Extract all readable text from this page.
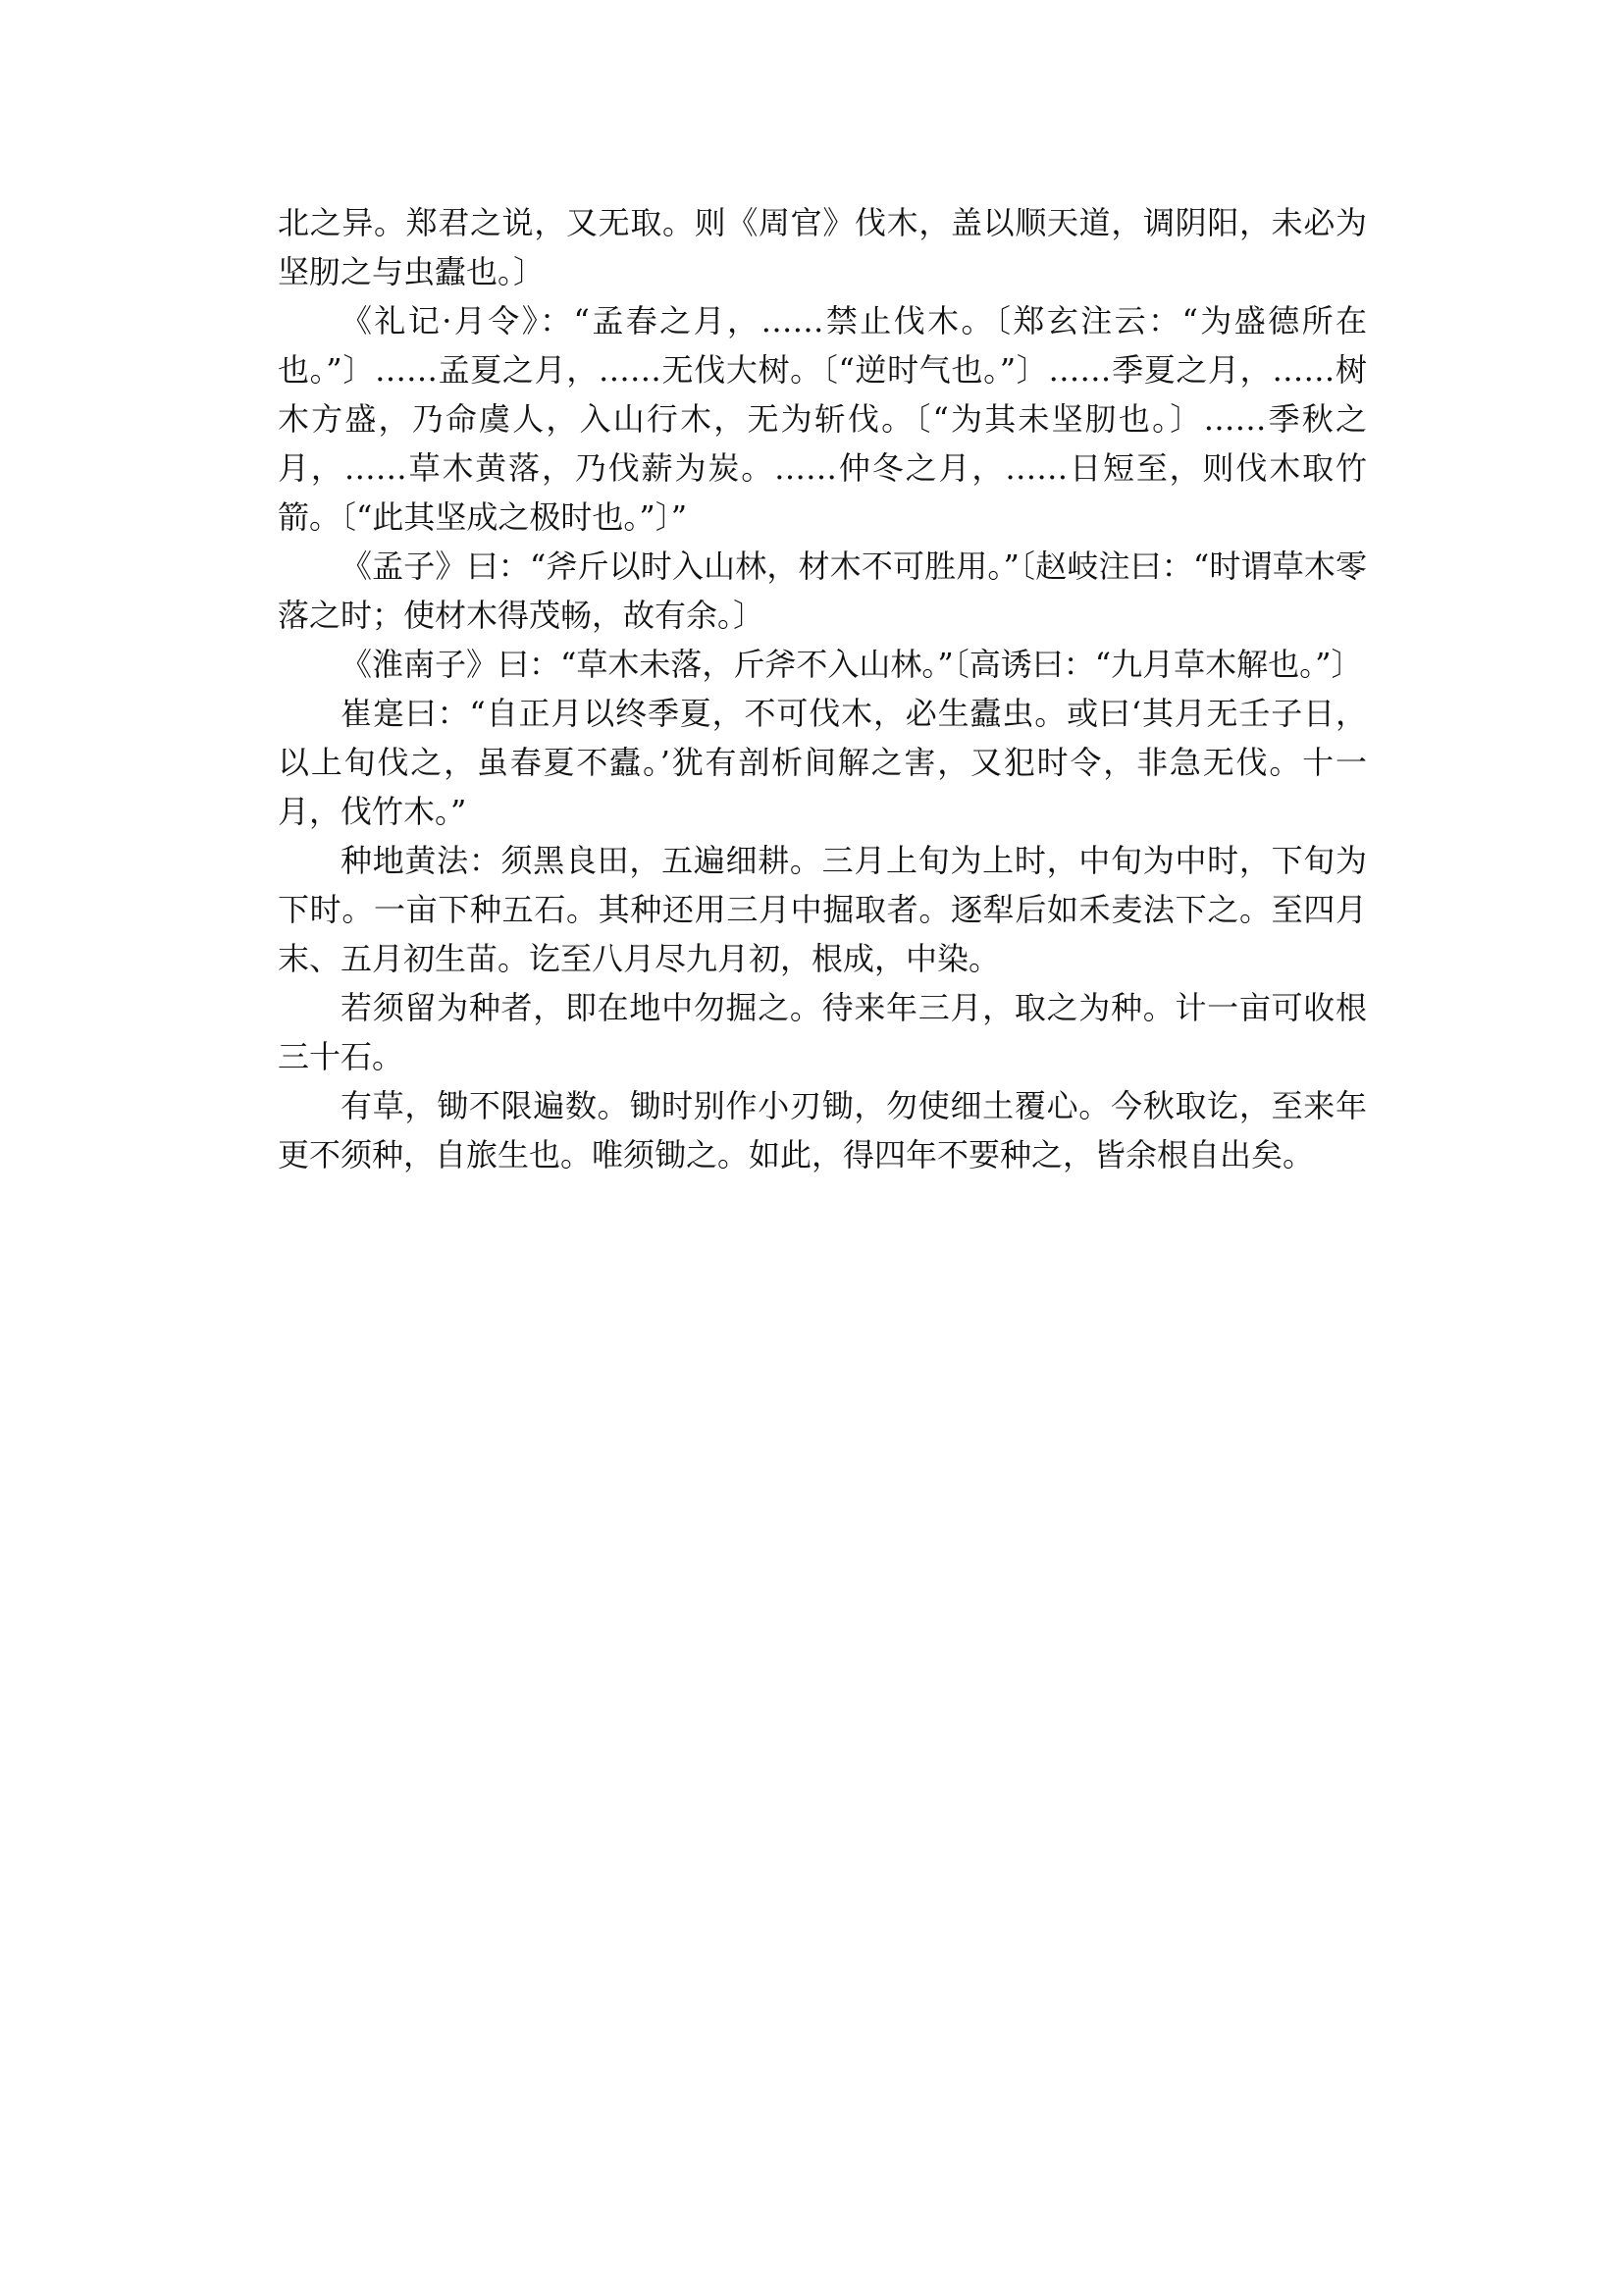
北之异。郑君之说，又无取。则《周官》伐木，盖以顺天道，调阴阳，未必为坚肕之与虫蠹也。〕

《礼记·月令》：“孟春之月，……禁止伐木。〔郑玄注云：“为盛德所在也。”〕……孟夏之月，……无伐大树。〔“逆时气也。”〕……季夏之月，……树木方盛，乃命虞人，入山行木，无为斩伐。〔“为其未坚肕也。〕……季秋之月，……草木黄落，乃伐薪为炭。……仲冬之月，……日短至，则伐木取竹箭。〔“此其坚成之极时也。”〕”

《孟子》曰：“斧斤以时入山林，材木不可胜用。”〔赵岐注曰：“时谓草木零落之时；使材木得茂畅，故有余。〕

《淮南子》曰：“草木未落，斤斧不入山林。”〔高诱曰：“九月草木解也。”〕

崔寔曰：“自正月以终季夏，不可伐木，必生蠹虫。或曰‘其月无壬子日，以上旬伐之，虽春夏不蠹。’犹有剖析间解之害，又犯时令，非急无伐。十一月，伐竹木。”

种地黄法：须黑良田，五遍细耕。三月上旬为上时，中旬为中时，下旬为下时。一亩下种五石。其种还用三月中掘取者。逐犁后如禾麦法下之。至四月末、五月初生苗。讫至八月尽九月初，根成，中染。

若须留为种者，即在地中勿掘之。待来年三月，取之为种。计一亩可收根三十石。

有草，锄不限遍数。锄时别作小刃锄，勿使细土覆心。今秋取讫，至来年更不须种，自旅生也。唯须锄之。如此，得四年不要种之，皆余根自出矣。
